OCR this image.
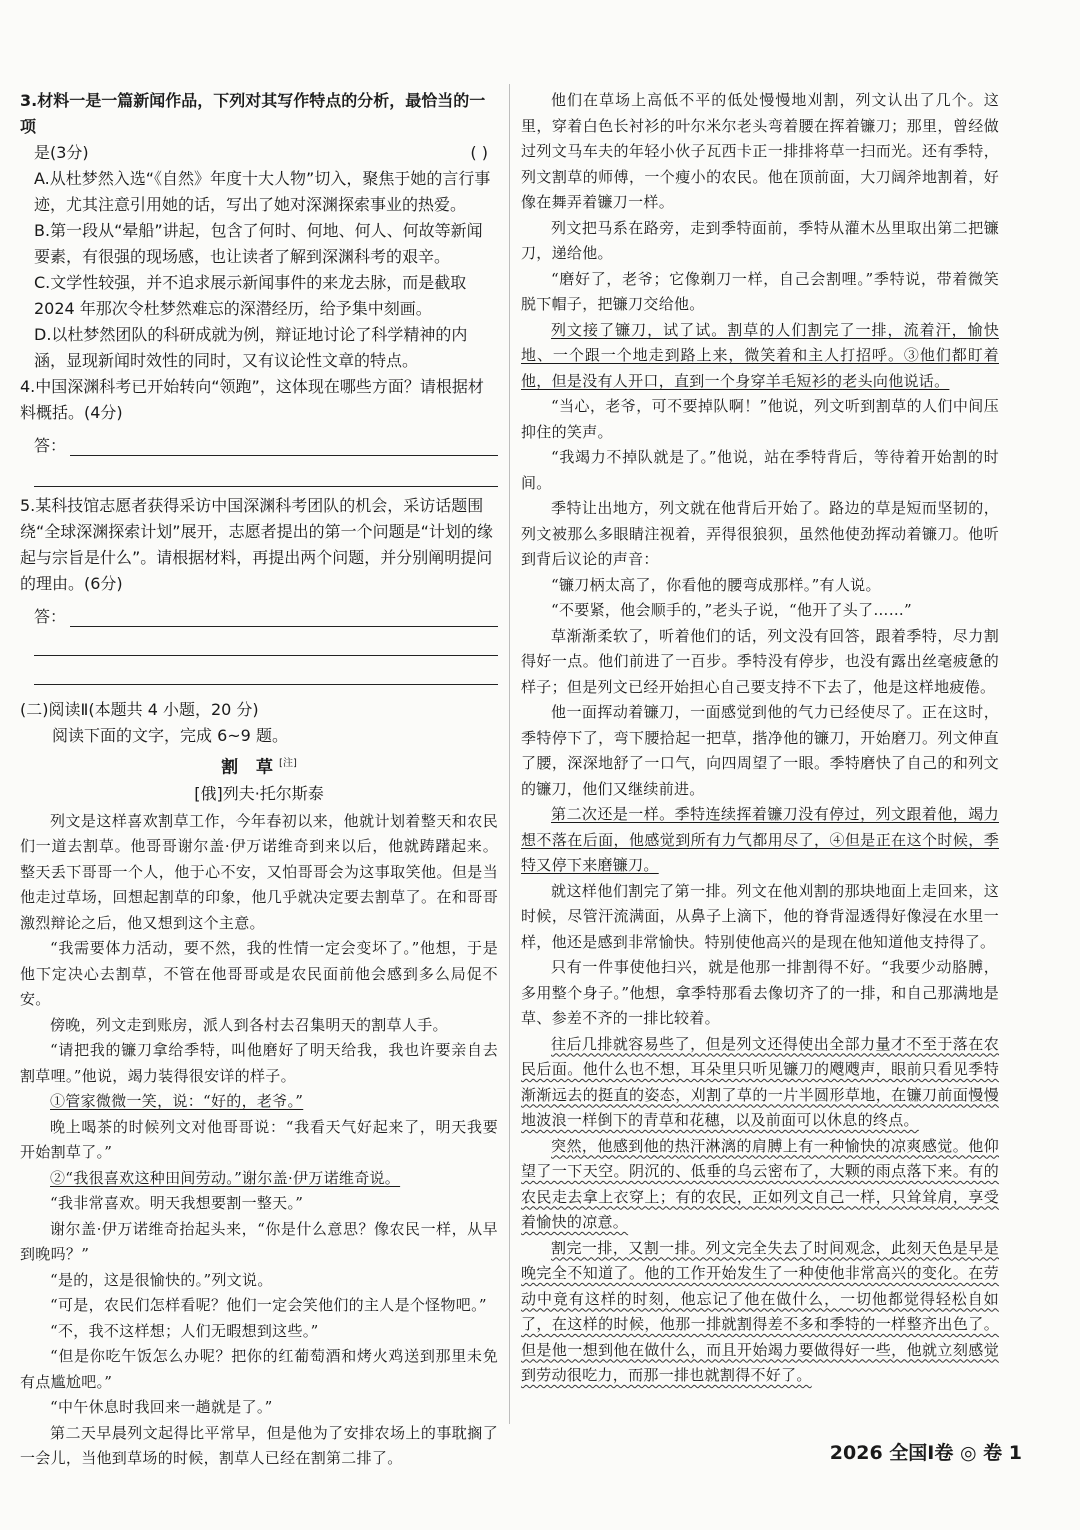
3.材料一是一篇新闻作品，下列对其写作特点的分析，最恰当的一项

是(3分)	( )

A.从杜梦然入选“《自然》年度十大人物”切入，聚焦于她的言行事迹，尤其注意引用她的话，写出了她对深渊探索事业的热爱。

B.第一段从“晕船”讲起，包含了何时、何地、何人、何故等新闻要素，有很强的现场感，也让读者了解到深渊科考的艰辛。

C.文学性较强，并不追求展示新闻事件的来龙去脉，而是截取 2024 年那次令杜梦然难忘的深潜经历，给予集中刻画。

D.以杜梦然团队的科研成就为例，辩证地讨论了科学精神的内涵，显现新闻时效性的同时，又有议论性文章的特点。

4.中国深渊科考已开始转向“领跑”，这体现在哪些方面？请根据材料概括。(4分)

答：

5.某科技馆志愿者获得采访中国深渊科考团队的机会，采访话题围绕“全球深渊探索计划”展开，志愿者提出的第一个问题是“计划的缘起与宗旨是什么”。请根据材料，再提出两个问题，并分别阐明提问的理由。(6分)

答：

(二)阅读Ⅱ(本题共 4 小题，20 分)

阅读下面的文字，完成 6~9 题。

割 草[注]

[俄]列夫·托尔斯泰

列文是这样喜欢割草工作，今年春初以来，他就计划着整天和农民们一道去割草。他哥哥谢尔盖·伊万诺维奇到来以后，他就踌躇起来。整天丢下哥哥一个人，他于心不安，又怕哥哥会为这事取笑他。但是当他走过草场，回想起割草的印象，他几乎就决定要去割草了。在和哥哥激烈辩论之后，他又想到这个主意。

“我需要体力活动，要不然，我的性情一定会变坏了。”他想，于是他下定决心去割草，不管在他哥哥或是农民面前他会感到多么局促不安。

傍晚，列文走到账房，派人到各村去召集明天的割草人手。

“请把我的镰刀拿给季特，叫他磨好了明天给我，我也许要亲自去割草哩。”他说，竭力装得很安详的样子。

①管家微微一笑，说：“好的，老爷。”

晚上喝茶的时候列文对他哥哥说：“我看天气好起来了，明天我要开始割草了。”

②“我很喜欢这种田间劳动。”谢尔盖·伊万诺维奇说。

“我非常喜欢。明天我想要割一整天。”

谢尔盖·伊万诺维奇抬起头来，“你是什么意思？像农民一样，从早到晚吗？”

“是的，这是很愉快的。”列文说。

“可是，农民们怎样看呢？他们一定会笑他们的主人是个怪物吧。”

“不，我不这样想；人们无暇想到这些。”

“但是你吃午饭怎么办呢？把你的红葡萄酒和烤火鸡送到那里未免有点尴尬吧。”

“中午休息时我回来一趟就是了。”

第二天早晨列文起得比平常早，但是他为了安排农场上的事耽搁了一会儿，当他到草场的时候，割草人已经在割第二排了。

他们在草场上高低不平的低处慢慢地刈割，列文认出了几个。这里，穿着白色长衬衫的叶尔米尔老头弯着腰在挥着镰刀；那里，曾经做过列文马车夫的年轻小伙子瓦西卡正一排排将草一扫而光。还有季特，列文割草的师傅，一个瘦小的农民。他在顶前面，大刀阔斧地割着，好像在舞弄着镰刀一样。

列文把马系在路旁，走到季特面前，季特从灌木丛里取出第二把镰刀，递给他。

“磨好了，老爷；它像剃刀一样，自己会割哩。”季特说，带着微笑脱下帽子，把镰刀交给他。

列文接了镰刀，试了试。割草的人们割完了一排，流着汗，愉快地、一个跟一个地走到路上来，微笑着和主人打招呼。③他们都盯着他，但是没有人开口，直到一个身穿羊毛短衫的老头向他说话。

“当心，老爷，可不要掉队啊！”他说，列文听到割草的人们中间压抑住的笑声。

“我竭力不掉队就是了。”他说，站在季特背后，等待着开始割的时间。

季特让出地方，列文就在他背后开始了。路边的草是短而坚韧的，列文被那么多眼睛注视着，弄得很狼狈，虽然他使劲挥动着镰刀。他听到背后议论的声音：

“镰刀柄太高了，你看他的腰弯成那样。”有人说。

“不要紧，他会顺手的，”老头子说，“他开了头了……”

草渐渐柔软了，听着他们的话，列文没有回答，跟着季特，尽力割得好一点。他们前进了一百步。季特没有停步，也没有露出丝毫疲惫的样子；但是列文已经开始担心自己要支持不下去了，他是这样地疲倦。

他一面挥动着镰刀，一面感觉到他的气力已经使尽了。正在这时，季特停下了，弯下腰拾起一把草，揩净他的镰刀，开始磨刀。列文伸直了腰，深深地舒了一口气，向四周望了一眼。季特磨快了自己的和列文的镰刀，他们又继续前进。

第二次还是一样。季特连续挥着镰刀没有停过，列文跟着他，竭力想不落在后面，他感觉到所有力气都用尽了，④但是正在这个时候，季特又停下来磨镰刀。

就这样他们割完了第一排。列文在他刈割的那块地面上走回来，这时候，尽管汗流满面，从鼻子上滴下，他的脊背湿透得好像浸在水里一样，他还是感到非常愉快。特别使他高兴的是现在他知道他支持得了。

只有一件事使他扫兴，就是他那一排割得不好。“我要少动胳膊，多用整个身子。”他想，拿季特那看去像切齐了的一排，和自己那满地是草、参差不齐的一排比较着。

往后几排就容易些了，但是列文还得使出全部力量才不至于落在农民后面。他什么也不想，耳朵里只听见镰刀的飕飕声，眼前只看见季特渐渐远去的挺直的姿态，刈割了草的一片半圆形草地，在镰刀前面慢慢地波浪一样倒下的青草和花穗，以及前面可以休息的终点。

突然，他感到他的热汗淋漓的肩膊上有一种愉快的凉爽感觉。他仰望了一下天空。阴沉的、低垂的乌云密布了，大颗的雨点落下来。有的农民走去拿上衣穿上；有的农民，正如列文自己一样，只耸耸肩，享受着愉快的凉意。

割完一排，又割一排。列文完全失去了时间观念，此刻天色是早是晚完全不知道了。他的工作开始发生了一种使他非常高兴的变化。在劳动中竟有这样的时刻，他忘记了他在做什么，一切他都觉得轻松自如了，在这样的时候，他那一排就割得差不多和季特的一样整齐出色了。但是他一想到他在做什么，而且开始竭力要做得好一些，他就立刻感觉到劳动很吃力，而那一排也就割得不好了。

2026 全国Ⅰ卷 ◎ 卷 1
